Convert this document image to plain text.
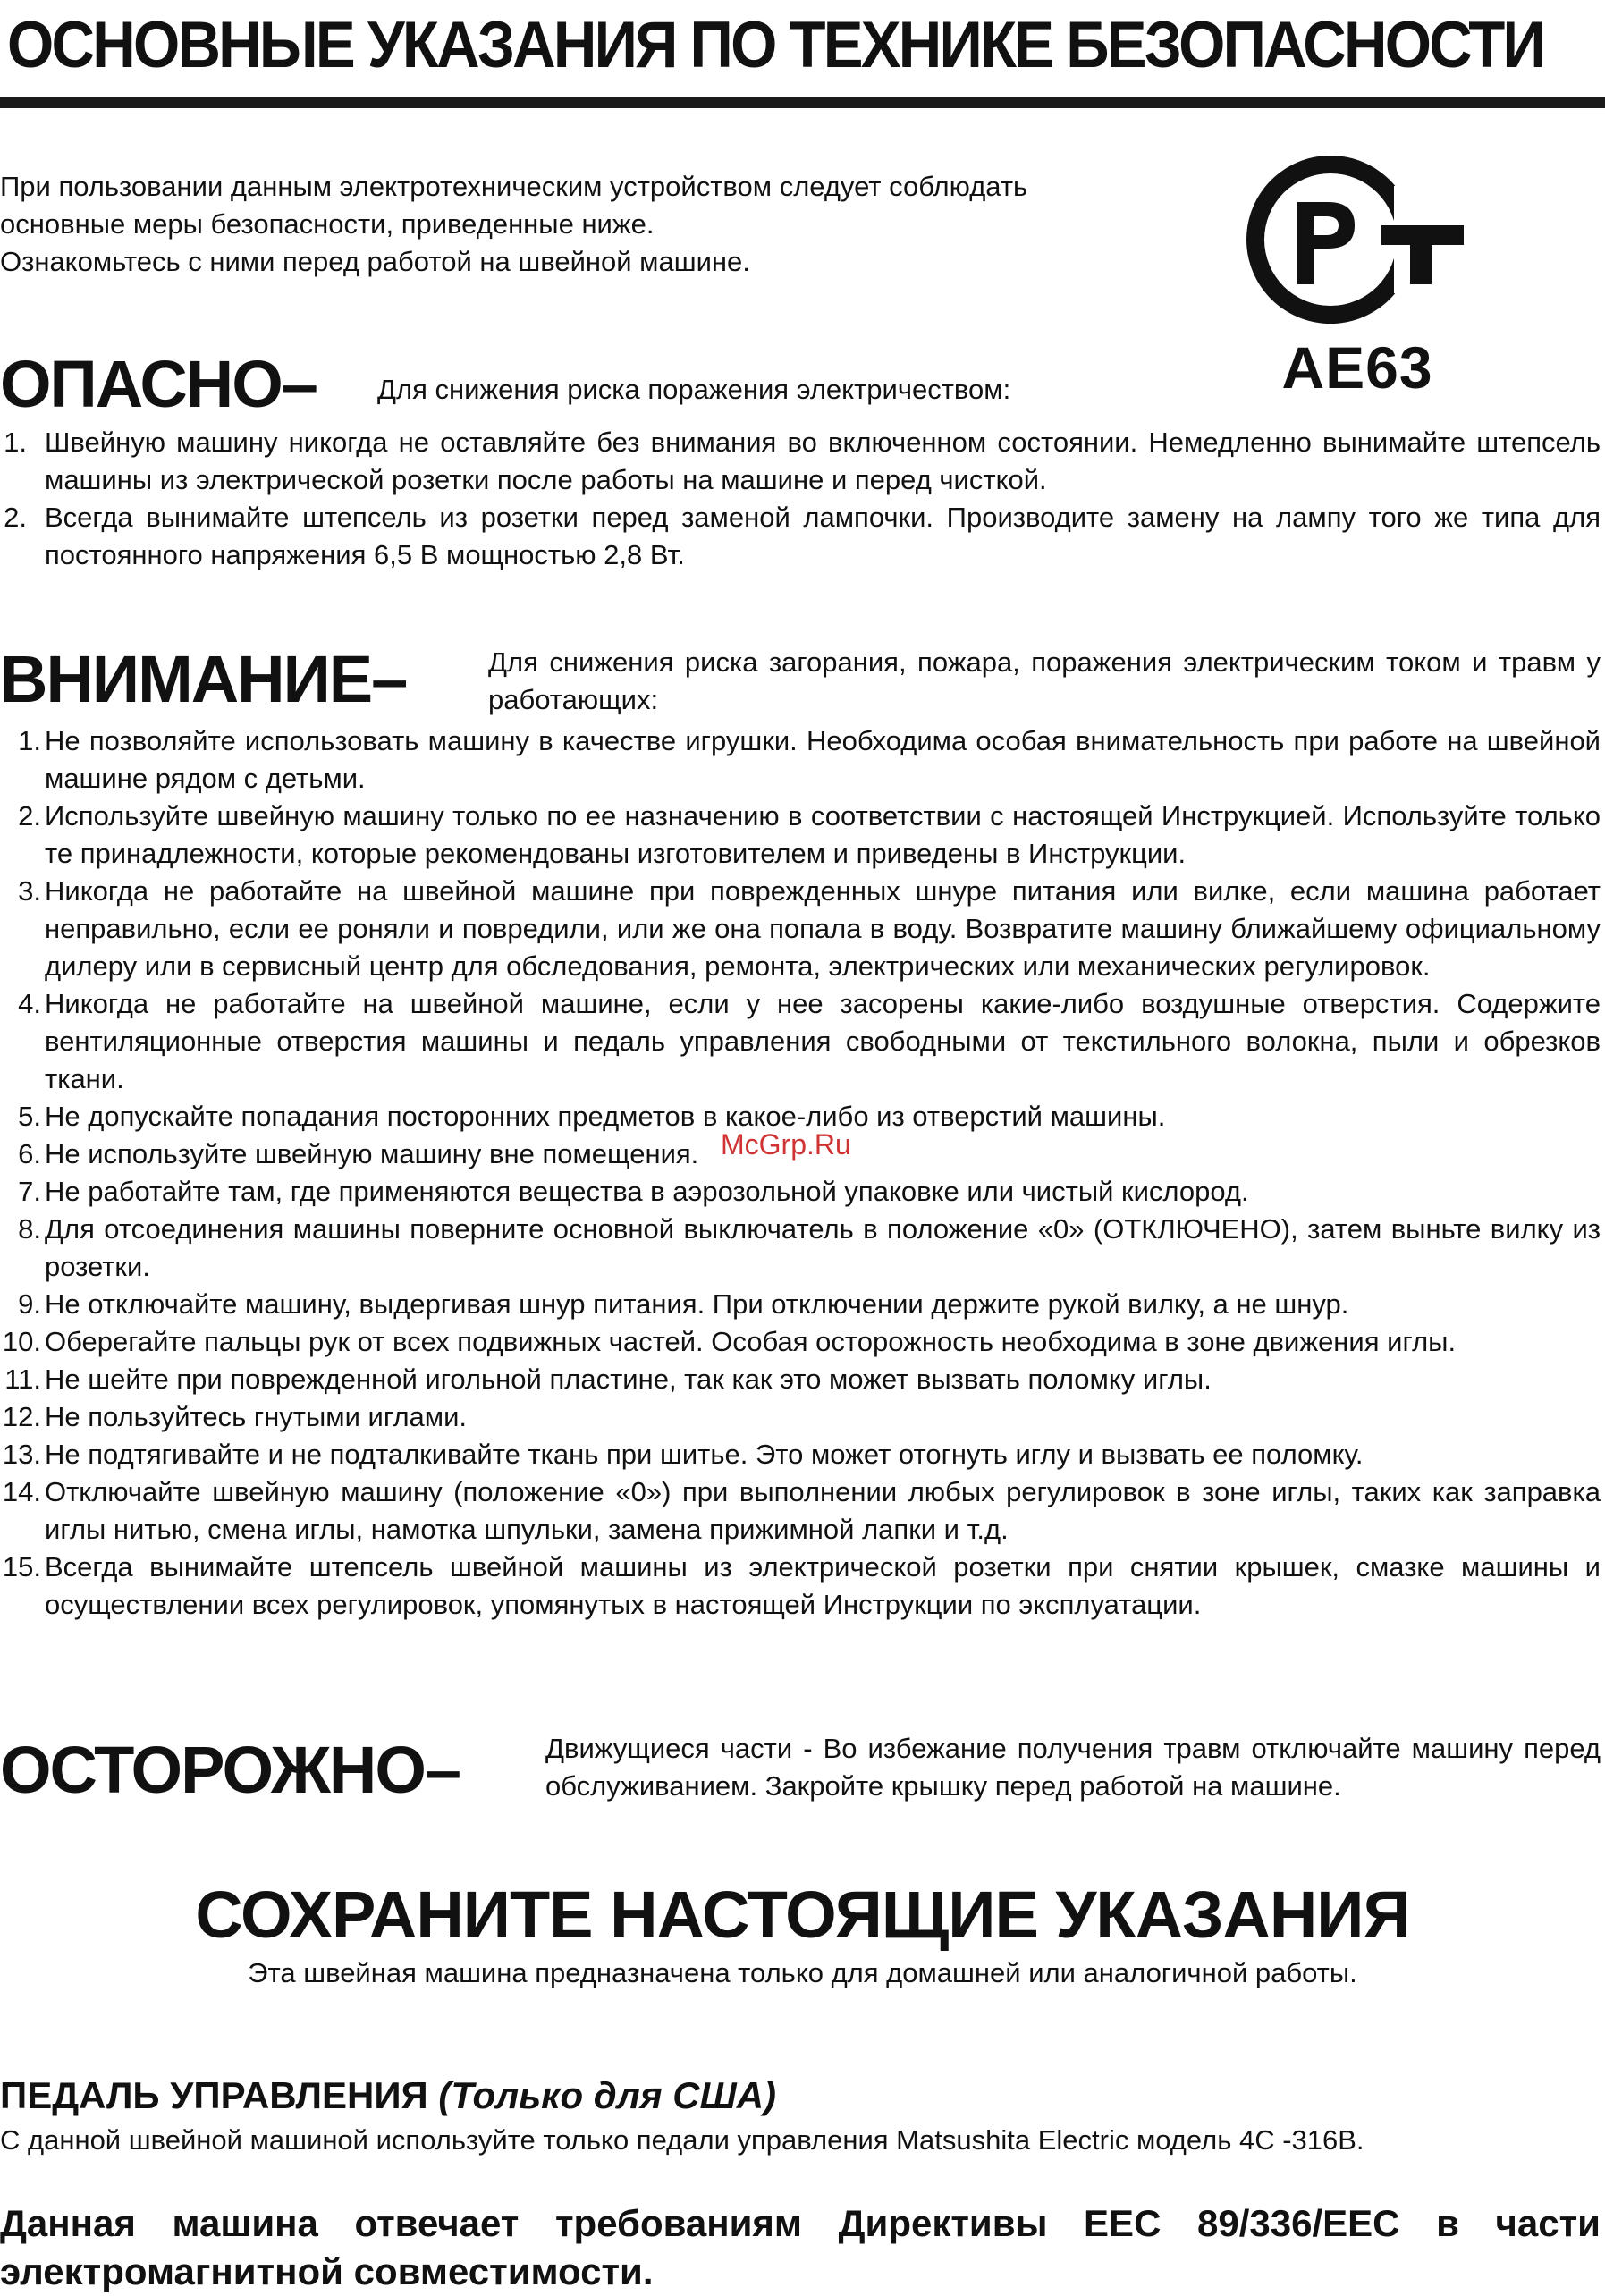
ОСНОВНЫЕ УКАЗАНИЯ ПО ТЕХНИКЕ БЕЗОПАСНОСТИ
При пользовании данным электротехническим устройством следует соблюдать
основные меры безопасности, приведенные ниже.
Ознакомьтесь с ними перед работой на швейной машине.
АЕ63
ОПАСНО– Для снижения риска поражения электричеством:
1. Швейную машину никогда не оставляйте без внимания во включенном состоянии. Немедленно вынимайте штепсель машины из электрической розетки после работы на машине и перед чисткой.
2. Всегда вынимайте штепсель из розетки перед заменой лампочки. Производите замену на лампу того же типа для постоянного напряжения 6,5 В мощностью 2,8 Вт.
ВНИМАНИЕ–	Для снижения риска загорания, пожара, поражения электрическим током и травм у работающих:
1. Не позволяйте использовать машину в качестве игрушки. Необходима особая внимательность при работе на швейной машине рядом с детьми.
2. Используйте швейную машину только по ее назначению в соответствии с настоящей Инструкцией. Используйте только те принадлежности, которые рекомендованы изготовителем и приведены в Инструкции.
3. Никогда не работайте на швейной машине при поврежденных шнуре питания или вилке, если машина работает неправильно, если ее роняли и повредили, или же она попала в воду. Возвратите машину ближайшему официальному дилеру или в сервисный центр для обследования, ремонта, электрических или механических регулировок.
4. Никогда не работайте на швейной машине, если у нее засорены какие-либо воздушные отверстия. Содержите вентиляционные отверстия машины и педаль управления свободными от текстильного волокна, пыли и обрезков ткани.
5. Не допускайте попадания посторонних предметов в какое-либо из отверстий машины.
6. Не используйте швейную машину вне помещения.
7. Не работайте там, где применяются вещества в аэрозольной упаковке или чистый кислород.
8. Для отсоединения машины поверните основной выключатель в положение «0» (ОТКЛЮЧЕНО), затем выньте вилку из розетки.
9. Не отключайте машину, выдергивая шнур питания. При отключении держите рукой вилку, а не шнур.
10. Оберегайте пальцы рук от всех подвижных частей. Особая осторожность необходима в зоне движения иглы.
11. Не шейте при поврежденной игольной пластине, так как это может вызвать поломку иглы.
12. Не пользуйтесь гнутыми иглами.
13. Не подтягивайте и не подталкивайте ткань при шитье. Это может отогнуть иглу и вызвать ее поломку.
14. Отключайте швейную машину (положение «0») при выполнении любых регулировок в зоне иглы, таких как заправка иглы нитью, смена иглы, намотка шпульки, замена прижимной лапки и т.д.
15. Всегда вынимайте штепсель швейной машины из электрической розетки при снятии крышек, смазке машины и осуществлении всех регулировок, упомянутых в настоящей Инструкции по эксплуатации.
McGrp.Ru
ОСТОРОЖНО–	Движущиеся части - Во избежание получения травм отключайте машину перед обслуживанием. Закройте крышку перед работой на машине.
СОХРАНИТЕ НАСТОЯЩИЕ УКАЗАНИЯ
Эта швейная машина предназначена только для домашней или аналогичной работы.
ПЕДАЛЬ УПРАВЛЕНИЯ (Только для США)
С данной швейной машиной используйте только педали управления Matsushita Electric модель 4C -316B.
Данная машина отвечает требованиям Директивы ЕЕС 89/336/ЕЕС в части электромагнитной совместимости.
